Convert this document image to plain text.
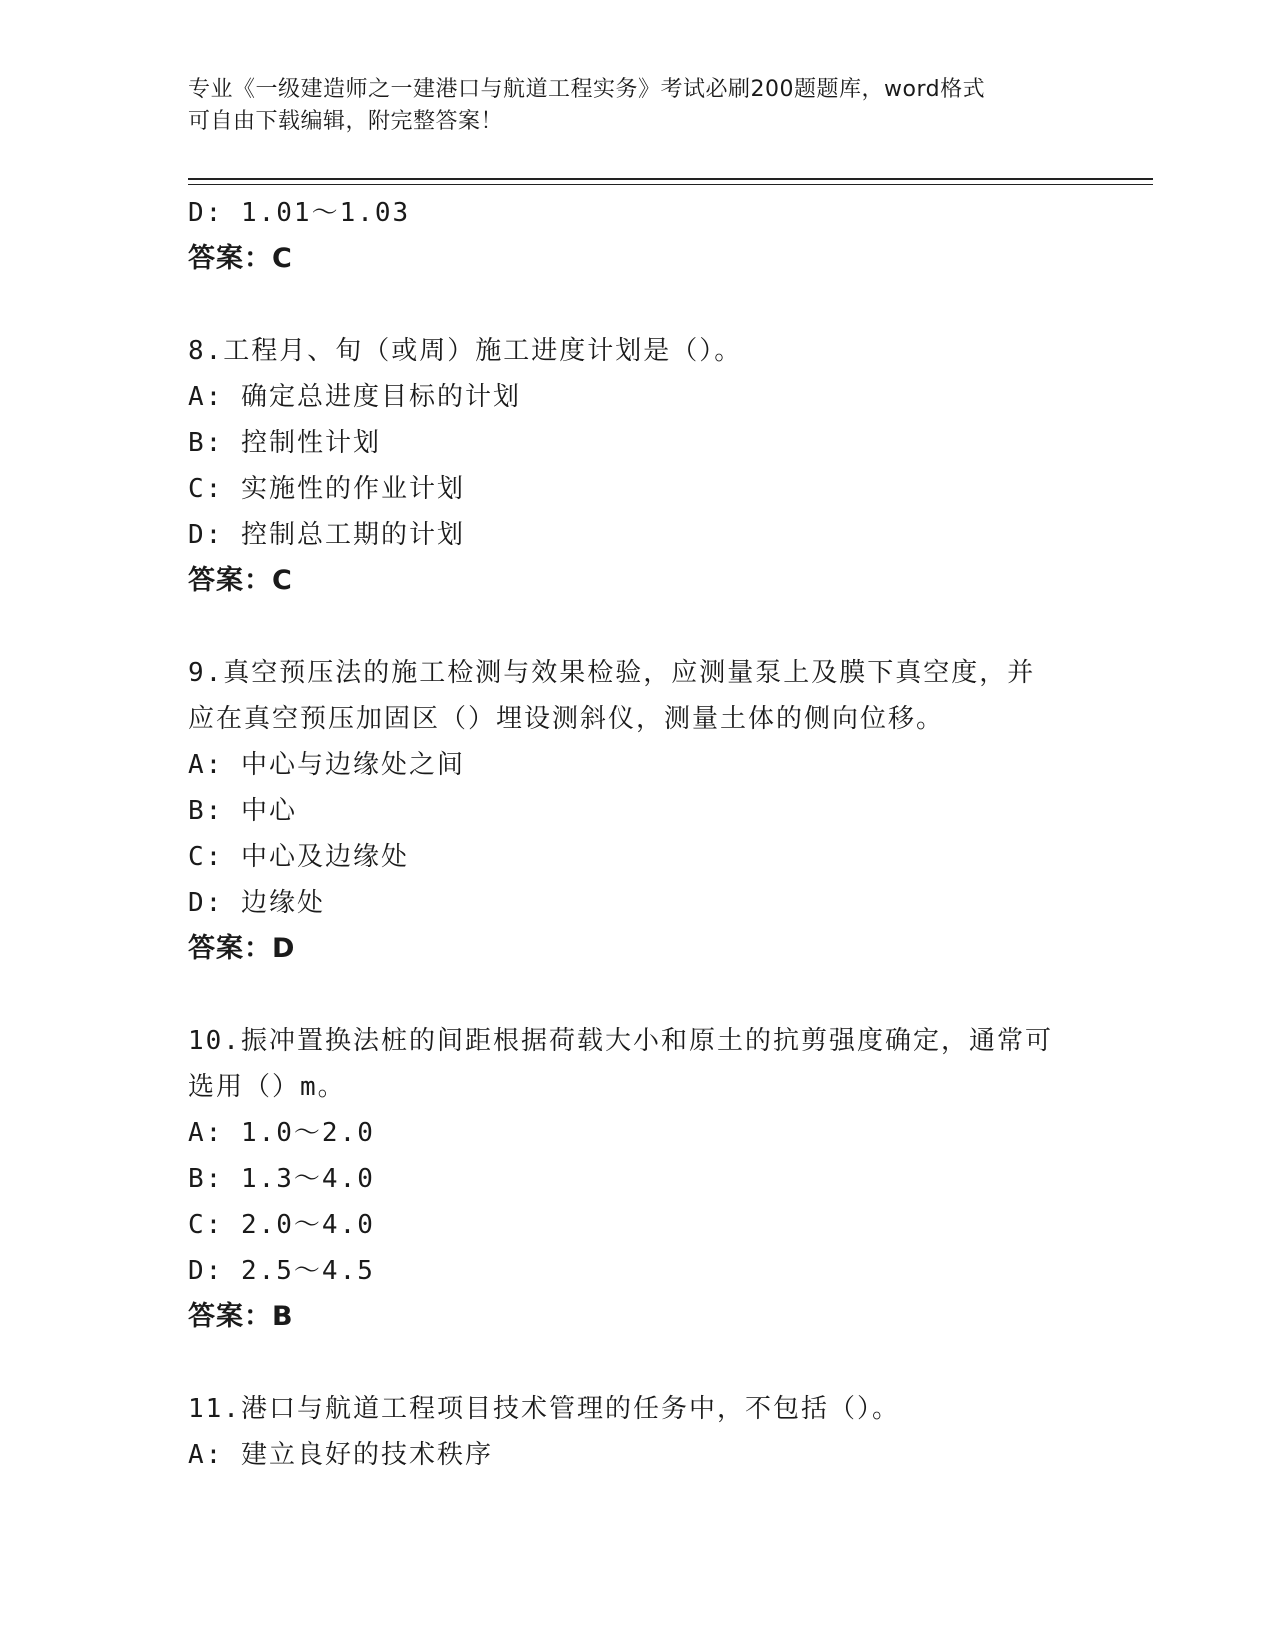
专业《一级建造师之一建港口与航道工程实务》考试必刷200题题库，word格式
可自由下载编辑，附完整答案！
D: 1.01～1.03
答案：C
8.工程月、旬（或周）施工进度计划是（）。
A: 确定总进度目标的计划
B: 控制性计划
C: 实施性的作业计划
D: 控制总工期的计划
答案：C
9.真空预压法的施工检测与效果检验，应测量泵上及膜下真空度，并
应在真空预压加固区（）埋设测斜仪，测量土体的侧向位移。
A: 中心与边缘处之间
B: 中心
C: 中心及边缘处
D: 边缘处
答案：D
10.振冲置换法桩的间距根据荷载大小和原土的抗剪强度确定，通常可
选用（）m。
A: 1.0～2.0
B: 1.3～4.0
C: 2.0～4.0
D: 2.5～4.5
答案：B
11.港口与航道工程项目技术管理的任务中，不包括（）。
A: 建立良好的技术秩序
